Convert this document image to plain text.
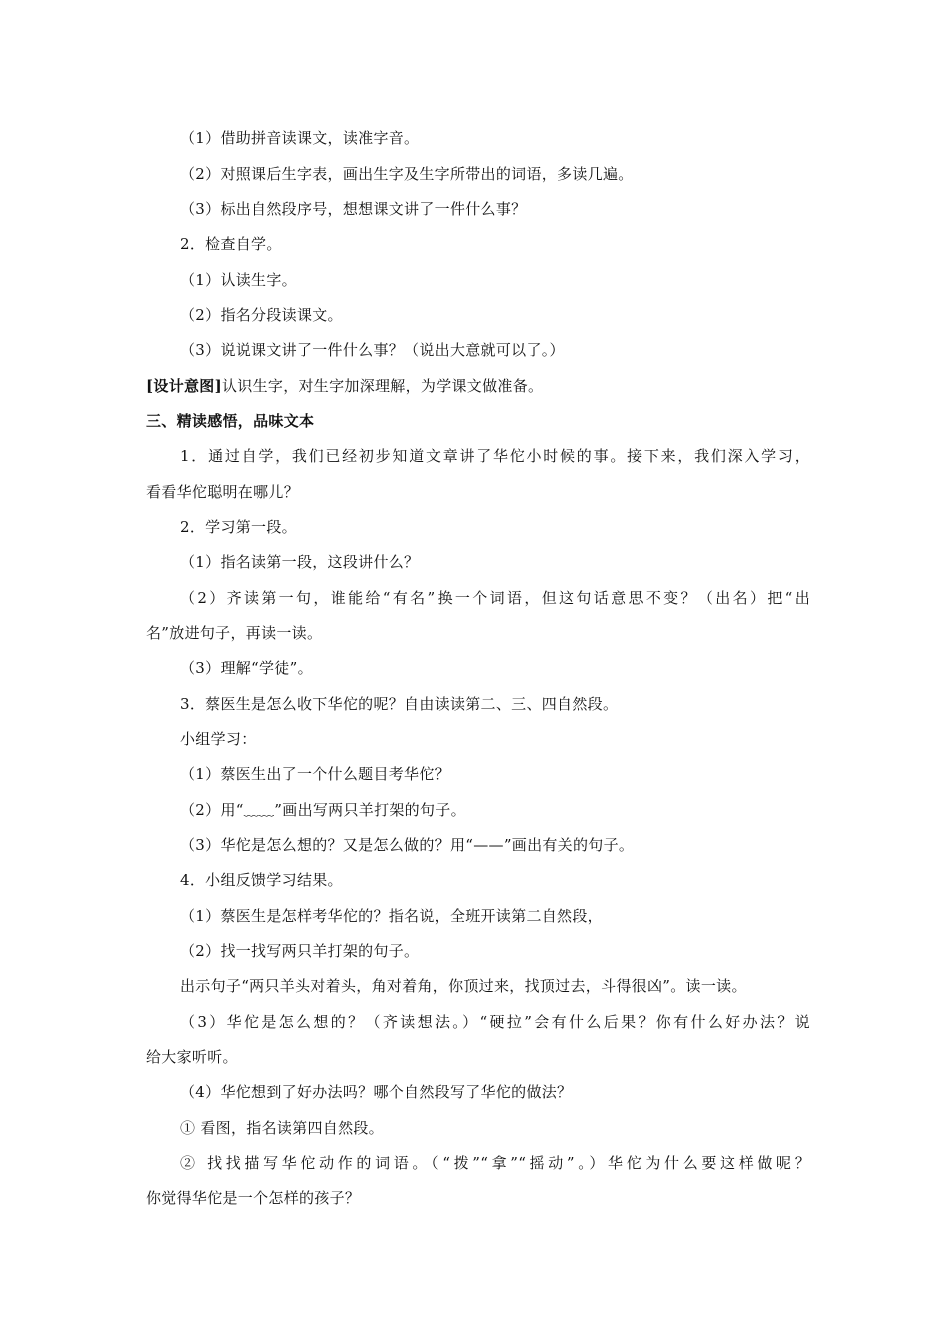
（1）借助拼音读课文，读准字音。
（2）对照课后生字表，画出生字及生字所带出的词语，多读几遍。
（3）标出自然段序号，想想课文讲了一件什么事？
2．检查自学。
（1）认读生字。
（2）指名分段读课文。
（3）说说课文讲了一件什么事？（说出大意就可以了。）
[设计意图]认识生字，对生字加深理解，为学课文做准备。
三、精读感悟，品味文本
1．通过自学，我们已经初步知道文章讲了华佗小时候的事。接下来，我们深入学习，
看看华佗聪明在哪儿？
2．学习第一段。
（1）指名读第一段，这段讲什么？
（2）齐读第一句，谁能给“有名”换一个词语，但这句话意思不变？（出名）把“出
名”放进句子，再读一读。
（3）理解“学徒”。
3．蔡医生是怎么收下华佗的呢？自由读读第二、三、四自然段。
小组学习：
（1）蔡医生出了一个什么题目考华佗？
（2）用“﹏﹏”画出写两只羊打架的句子。
（3）华佗是怎么想的？又是怎么做的？用“——”画出有关的句子。
4．小组反馈学习结果。
（1）蔡医生是怎样考华佗的？指名说，全班开读第二自然段，
（2）找一找写两只羊打架的句子。
出示句子“两只羊头对着头，角对着角，你顶过来，找顶过去，斗得很凶”。读一读。
（3）华佗是怎么想的？（齐读想法。）“硬拉”会有什么后果？你有什么好办法？说
给大家听听。
（4）华佗想到了好办法吗？哪个自然段写了华佗的做法？
① 看图，指名读第四自然段。
② 找找描写华佗动作的词语。（“拨”“拿”“摇动”。）华佗为什么要这样做呢？
你觉得华佗是一个怎样的孩子？
